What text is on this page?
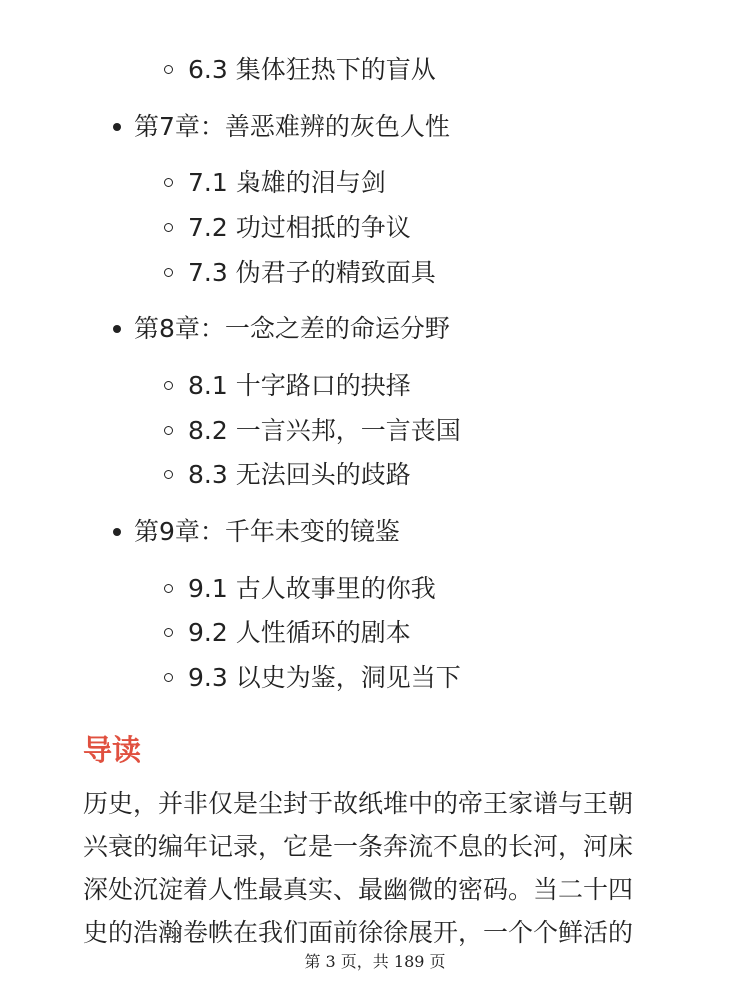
6.3 集体狂热下的盲从
第7章：善恶难辨的灰色人性
7.1 枭雄的泪与剑
7.2 功过相抵的争议
7.3 伪君子的精致面具
第8章：一念之差的命运分野
8.1 十字路口的抉择
8.2 一言兴邦，一言丧国
8.3 无法回头的歧路
第9章：千年未变的镜鉴
9.1 古人故事里的你我
9.2 人性循环的剧本
9.3 以史为鉴，洞见当下
导读
历史，并非仅是尘封于故纸堆中的帝王家谱与王朝
兴衰的编年记录，它是一条奔流不息的长河，河床
深处沉淀着人性最真实、最幽微的密码。当二十四
史的浩瀚卷帙在我们面前徐徐展开，一个个鲜活的
第 3 页，共 189 页
